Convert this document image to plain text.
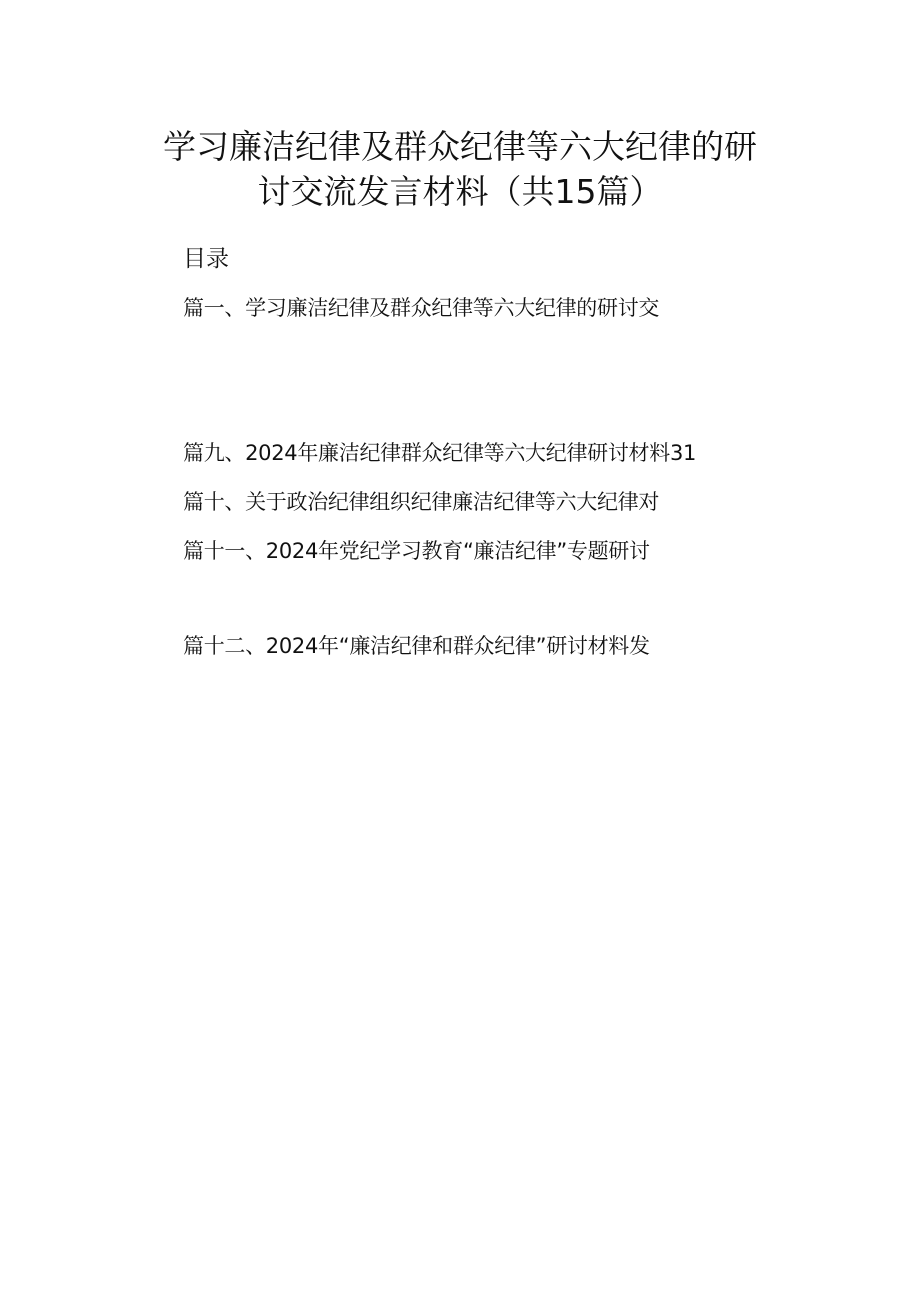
学习廉洁纪律及群众纪律等六大纪律的研
讨交流发言材料（共15篇）
目录
篇一、学习廉洁纪律及群众纪律等六大纪律的研讨交
篇九、2024年廉洁纪律群众纪律等六大纪律研讨材料31
篇十、关于政治纪律组织纪律廉洁纪律等六大纪律对
篇十一、2024年党纪学习教育“廉洁纪律”专题研讨
篇十二、2024年“廉洁纪律和群众纪律”研讨材料发
